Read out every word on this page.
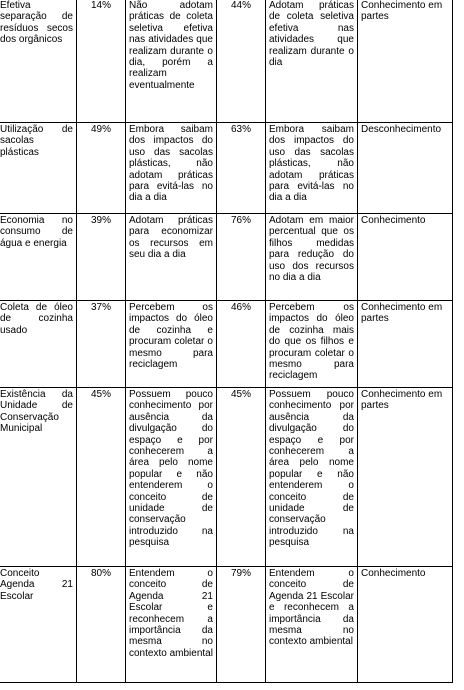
Efetiva separação de resíduos secos dos orgânicos	14%	Não adotam práticas de coleta seletiva efetiva nas atividades que realizam durante o dia, porém a realizam eventualmente	44%	Adotam práticas de coleta seletiva efetiva nas atividades que realizam durante o dia	Conhecimento em partes
Utilização de sacolas plásticas	49%	Embora saibam dos impactos do uso das sacolas plásticas, não adotam práticas para evitá-las no dia a dia	63%	Embora saibam dos impactos do uso das sacolas plásticas, não adotam práticas para evitá-las no dia a dia	Desconhecimento
Economia no consumo de água e energia	39%	Adotam práticas para economizar os recursos em seu dia a dia	76%	Adotam em maior percentual que os filhos medidas para redução do uso dos recursos no dia a dia	Conhecimento
Coleta de óleo de cozinha usado	37%	Percebem os impactos do óleo de cozinha e procuram coletar o mesmo para reciclagem	46%	Percebem os impactos do óleo de cozinha mais do que os filhos e procuram coletar o mesmo para reciclagem	Conhecimento em partes
Existência da Unidade de Conservação Municipal	45%	Possuem pouco conhecimento por ausência da divulgação do espaço e por conhecerem a área pelo nome popular e não entenderem o conceito de unidade de conservação introduzido na pesquisa	45%	Possuem pouco conhecimento por ausência da divulgação do espaço e por conhecerem a área pelo nome popular e não entenderem o conceito de unidade de conservação introduzido na pesquisa	Conhecimento em partes
Conceito Agenda 21 Escolar	80%	Entendem o conceito de Agenda 21 Escolar e reconhecem a importância da mesma no contexto ambiental	79%	Entendem o conceito de Agenda 21 Escolar e reconhecem a importância da mesma no contexto ambiental	Conhecimento
